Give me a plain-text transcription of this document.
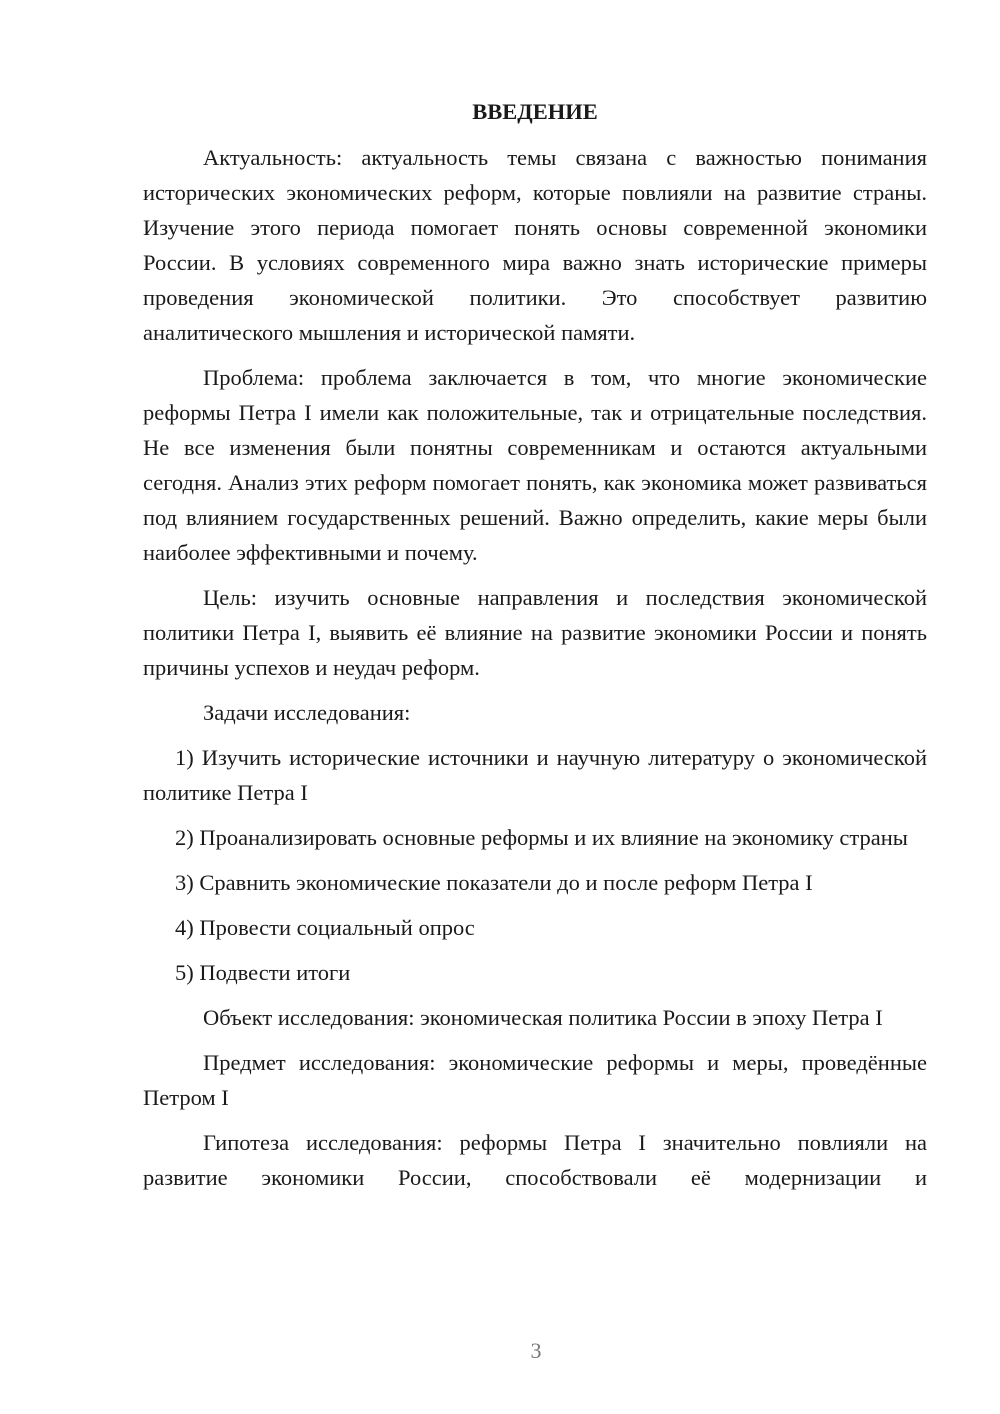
ВВЕДЕНИЕ

Актуальность: актуальность темы связана с важностью понимания исторических экономических реформ, которые повлияли на развитие страны. Изучение этого периода помогает понять основы современной экономики России. В условиях современного мира важно знать исторические примеры проведения экономической политики. Это способствует развитию аналитического мышления и исторической памяти.

Проблема: проблема заключается в том, что многие экономические реформы Петра I имели как положительные, так и отрицательные последствия. Не все изменения были понятны современникам и остаются актуальными сегодня. Анализ этих реформ помогает понять, как экономика может развиваться под влиянием государственных решений. Важно определить, какие меры были наиболее эффективными и почему.

Цель: изучить основные направления и последствия экономической политики Петра I, выявить её влияние на развитие экономики России и понять причины успехов и неудач реформ.

Задачи исследования:

1) Изучить исторические источники и научную литературу о экономической политике Петра I

2) Проанализировать основные реформы и их влияние на экономику страны

3) Сравнить экономические показатели до и после реформ Петра I

4) Провести социальный опрос

5) Подвести итоги

Объект исследования: экономическая политика России в эпоху Петра I

Предмет исследования: экономические реформы и меры, проведённые Петром I

Гипотеза исследования: реформы Петра I значительно повлияли на развитие экономики России, способствовали её модернизации и

3
